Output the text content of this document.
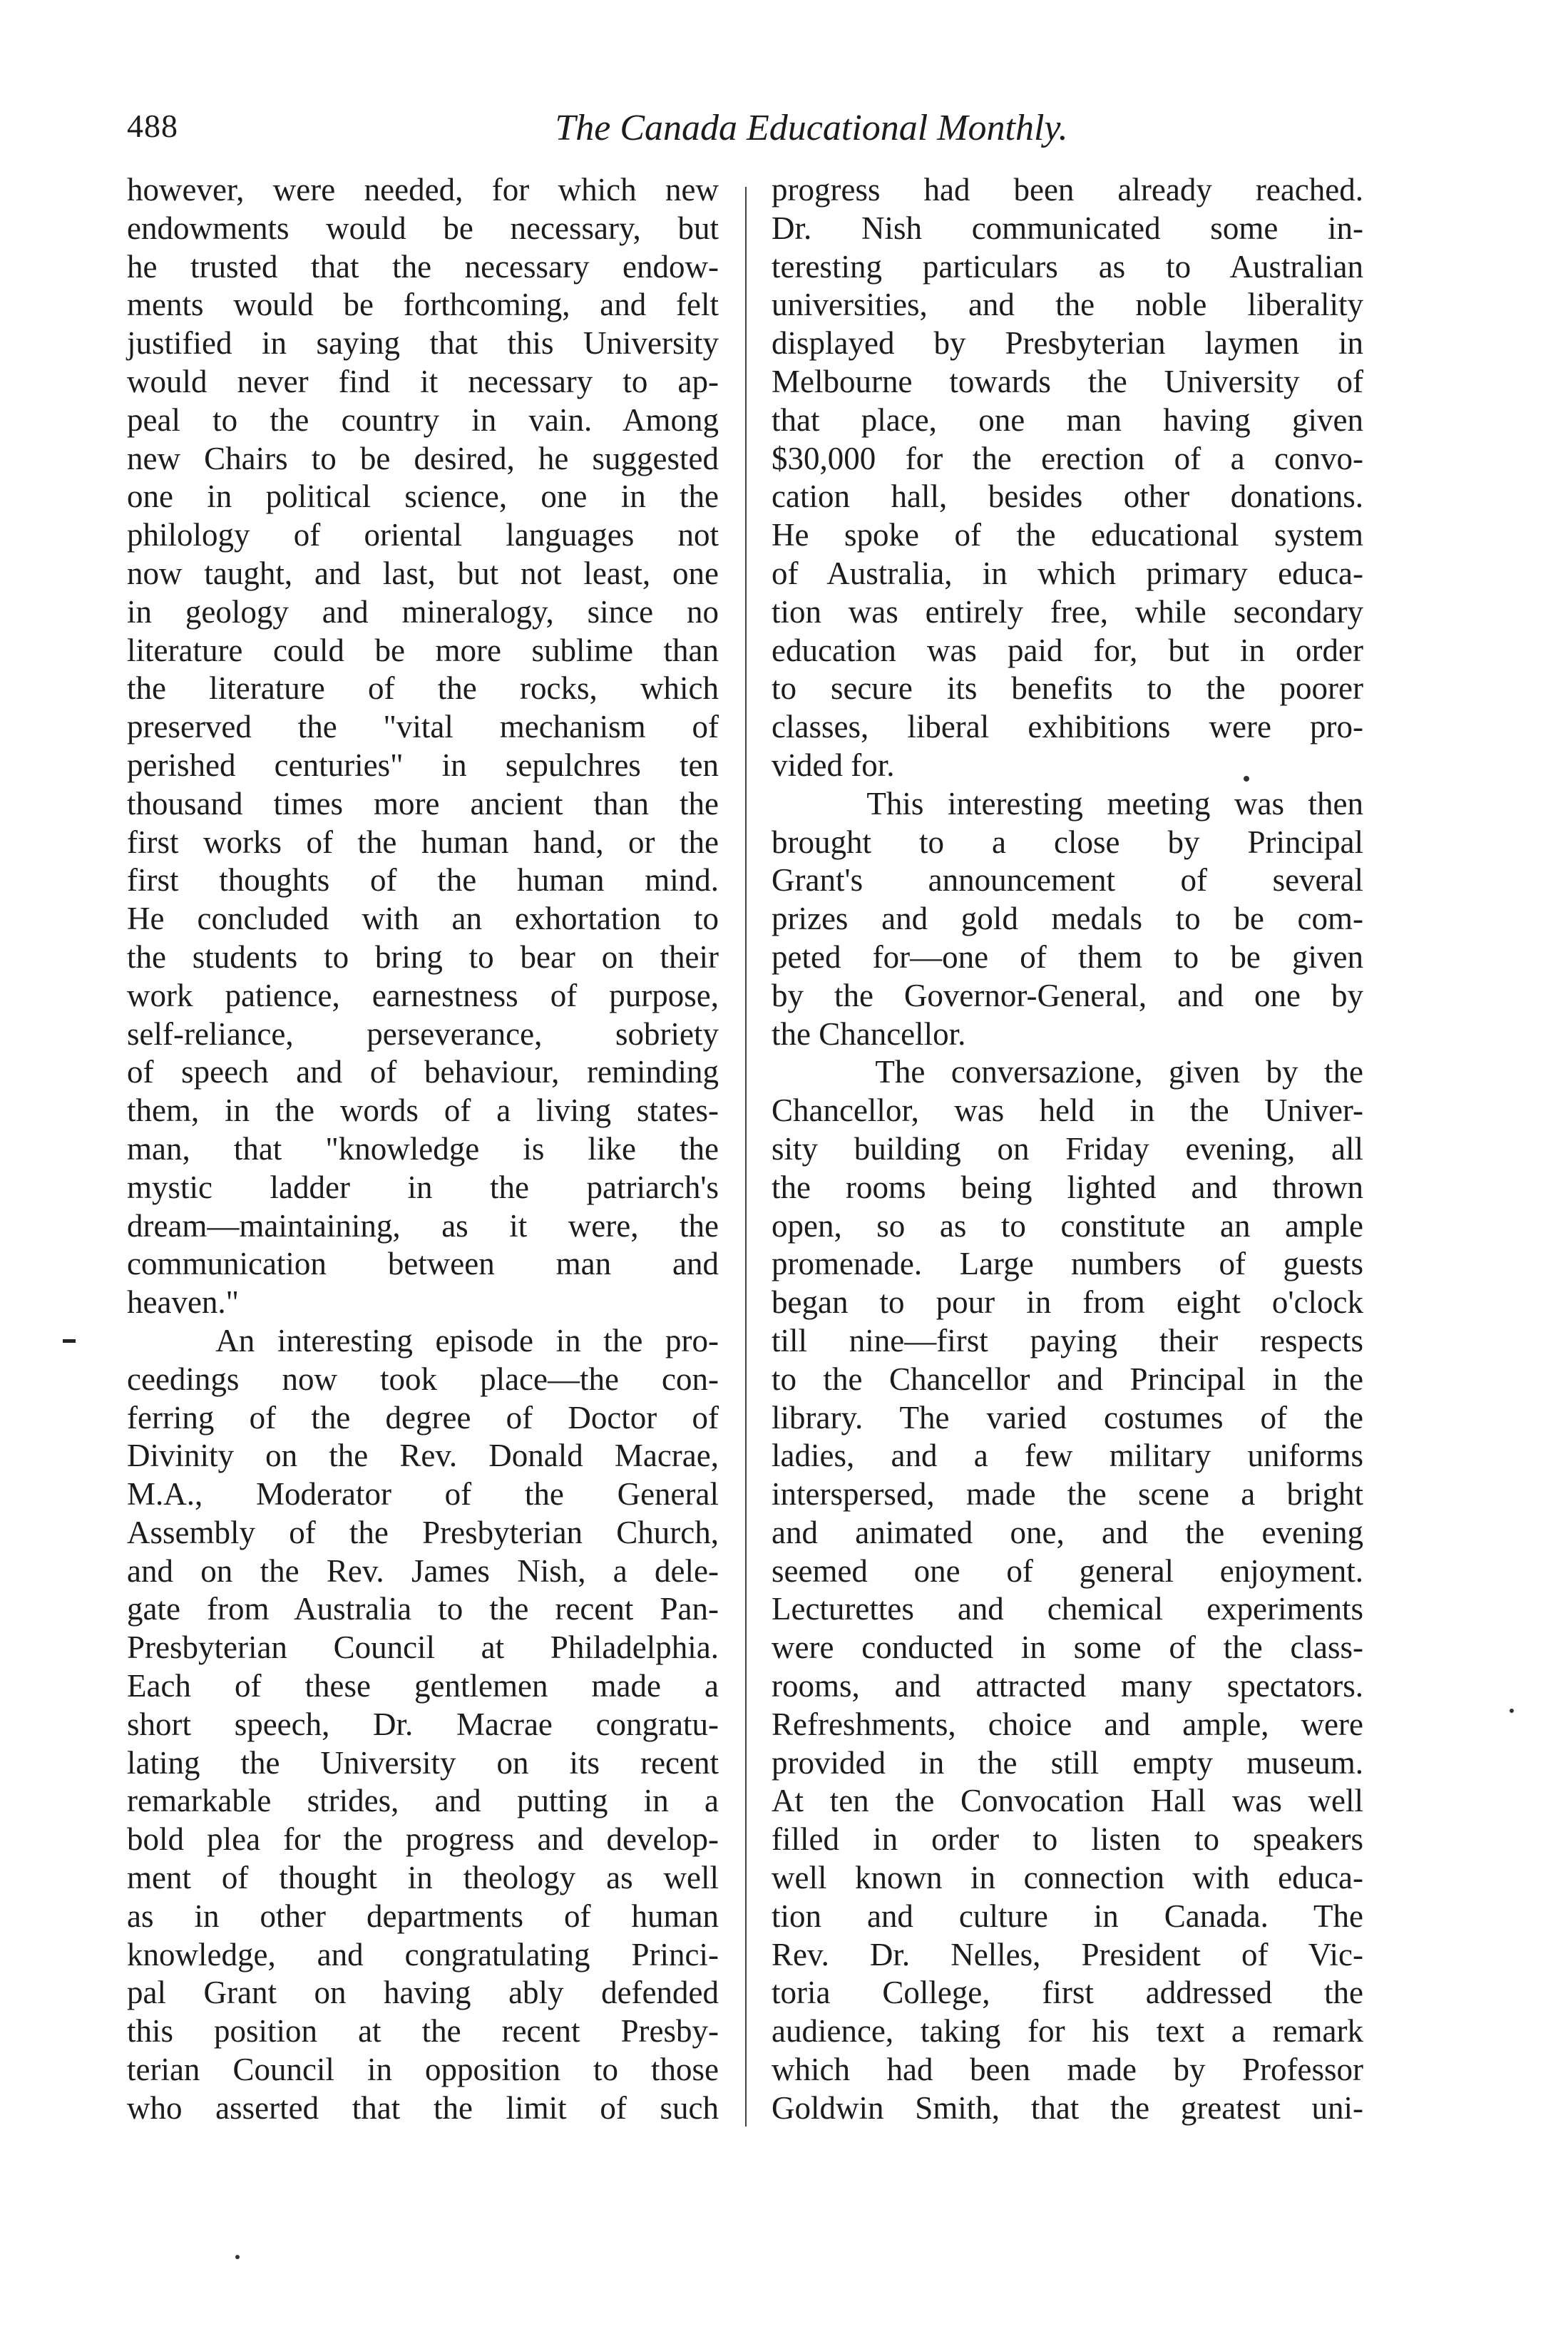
488	The Canada Educational Monthly.
however, were needed, for which new
endowments would be necessary, but
he trusted that the necessary endow-
ments would be forthcoming, and felt
justified in saying that this University
would never find it necessary to ap-
peal to the country in vain. Among
new Chairs to be desired, he suggested
one in political science, one in the
philology of oriental languages not
now taught, and last, but not least, one
in geology and mineralogy, since no
literature could be more sublime than
the literature of the rocks, which
preserved the "vital mechanism of
perished centuries" in sepulchres ten
thousand times more ancient than the
first works of the human hand, or the
first thoughts of the human mind.
He concluded with an exhortation to
the students to bring to bear on their
work patience, earnestness of purpose,
self-reliance, perseverance, sobriety
of speech and of behaviour, reminding
them, in the words of a living states-
man, that "knowledge is like the
mystic ladder in the patriarch's
dream—maintaining, as it were, the
communication between man and
heaven."
An interesting episode in the pro-
ceedings now took place—the con-
ferring of the degree of Doctor of
Divinity on the Rev. Donald Macrae,
M.A., Moderator of the General
Assembly of the Presbyterian Church,
and on the Rev. James Nish, a dele-
gate from Australia to the recent Pan-
Presbyterian Council at Philadelphia.
Each of these gentlemen made a
short speech, Dr. Macrae congratu-
lating the University on its recent
remarkable strides, and putting in a
bold plea for the progress and develop-
ment of thought in theology as well
as in other departments of human
knowledge, and congratulating Princi-
pal Grant on having ably defended
this position at the recent Presby-
terian Council in opposition to those
who asserted that the limit of such
progress had been already reached.
Dr. Nish communicated some in-
teresting particulars as to Australian
universities, and the noble liberality
displayed by Presbyterian laymen in
Melbourne towards the University of
that place, one man having given
$30,000 for the erection of a convo-
cation hall, besides other donations.
He spoke of the educational system
of Australia, in which primary educa-
tion was entirely free, while secondary
education was paid for, but in order
to secure its benefits to the poorer
classes, liberal exhibitions were pro-
vided for.
This interesting meeting was then
brought to a close by Principal
Grant's announcement of several
prizes and gold medals to be com-
peted for—one of them to be given
by the Governor-General, and one by
the Chancellor.
The conversazione, given by the
Chancellor, was held in the Univer-
sity building on Friday evening, all
the rooms being lighted and thrown
open, so as to constitute an ample
promenade. Large numbers of guests
began to pour in from eight o'clock
till nine—first paying their respects
to the Chancellor and Principal in the
library. The varied costumes of the
ladies, and a few military uniforms
interspersed, made the scene a bright
and animated one, and the evening
seemed one of general enjoyment.
Lecturettes and chemical experiments
were conducted in some of the class-
rooms, and attracted many spectators.
Refreshments, choice and ample, were
provided in the still empty museum.
At ten the Convocation Hall was well
filled in order to listen to speakers
well known in connection with educa-
tion and culture in Canada. The
Rev. Dr. Nelles, President of Vic-
toria College, first addressed the
audience, taking for his text a remark
which had been made by Professor
Goldwin Smith, that the greatest uni-
